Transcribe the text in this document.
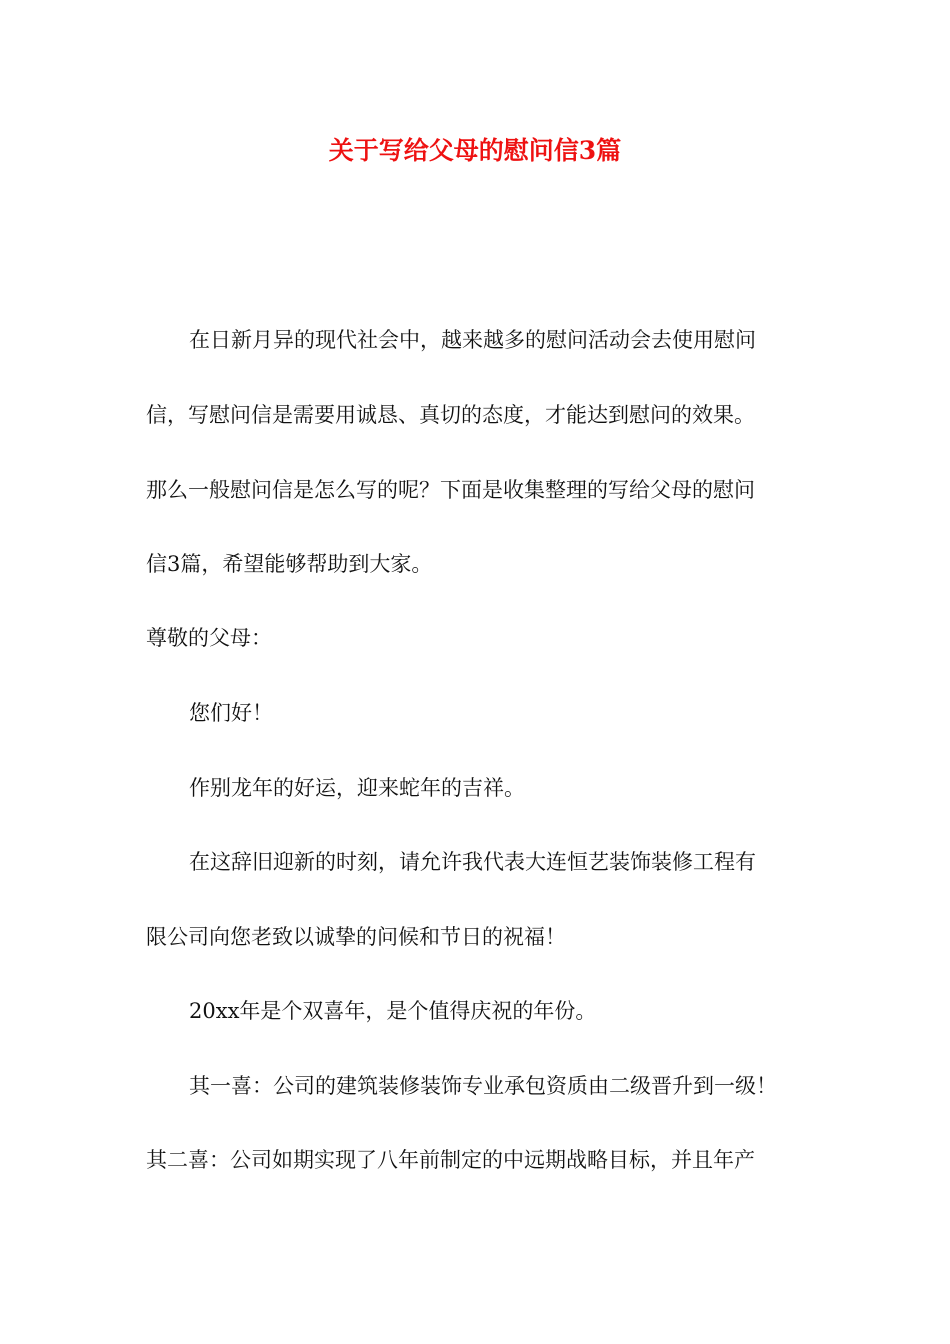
关于写给父母的慰问信3篇
在日新月异的现代社会中，越来越多的慰问活动会去使用慰问
信，写慰问信是需要用诚恳、真切的态度，才能达到慰问的效果。
那么一般慰问信是怎么写的呢？下面是收集整理的写给父母的慰问
信3篇，希望能够帮助到大家。
尊敬的父母：
您们好！
作别龙年的好运，迎来蛇年的吉祥。
在这辞旧迎新的时刻，请允许我代表大连恒艺装饰装修工程有
限公司向您老致以诚挚的问候和节日的祝福！
20xx年是个双喜年，是个值得庆祝的年份。
其一喜：公司的建筑装修装饰专业承包资质由二级晋升到一级！
其二喜：公司如期实现了八年前制定的中远期战略目标，并且年产
